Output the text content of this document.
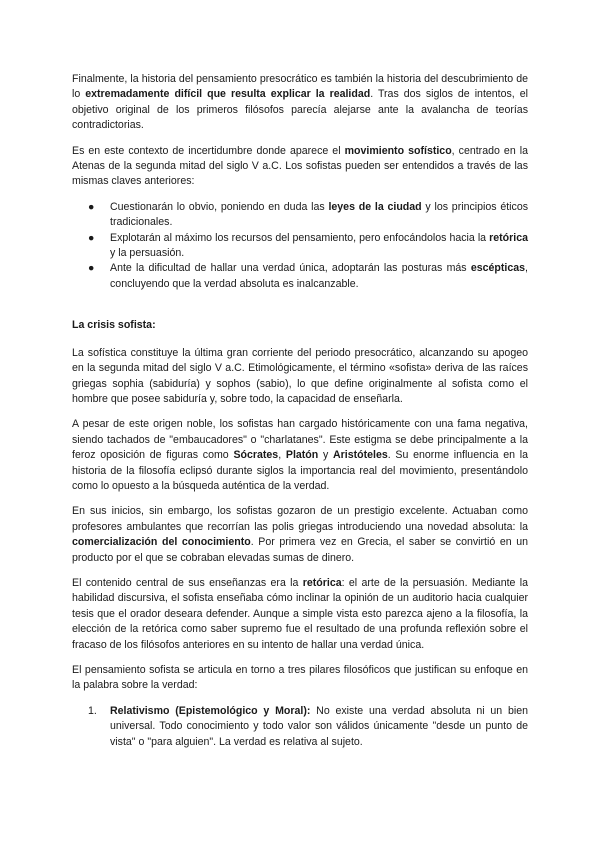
Finalmente, la historia del pensamiento presocrático es también la historia del descubrimiento de lo extremadamente difícil que resulta explicar la realidad. Tras dos siglos de intentos, el objetivo original de los primeros filósofos parecía alejarse ante la avalancha de teorías contradictorias.

Es en este contexto de incertidumbre donde aparece el movimiento sofístico, centrado en la Atenas de la segunda mitad del siglo V a.C. Los sofistas pueden ser entendidos a través de las mismas claves anteriores:

● Cuestionarán lo obvio, poniendo en duda las leyes de la ciudad y los principios éticos tradicionales.
● Explotarán al máximo los recursos del pensamiento, pero enfocándolos hacia la retórica y la persuasión.
● Ante la dificultad de hallar una verdad única, adoptarán las posturas más escépticas, concluyendo que la verdad absoluta es inalcanzable.
La crisis sofista:

La sofística constituye la última gran corriente del periodo presocrático, alcanzando su apogeo en la segunda mitad del siglo V a.C. Etimológicamente, el término «sofista» deriva de las raíces griegas sophia (sabiduría) y sophos (sabio), lo que define originalmente al sofista como el hombre que posee sabiduría y, sobre todo, la capacidad de enseñarla.

A pesar de este origen noble, los sofistas han cargado históricamente con una fama negativa, siendo tachados de "embaucadores" o "charlatanes". Este estigma se debe principalmente a la feroz oposición de figuras como Sócrates, Platón y Aristóteles. Su enorme influencia en la historia de la filosofía eclipsó durante siglos la importancia real del movimiento, presentándolo como lo opuesto a la búsqueda auténtica de la verdad.

En sus inicios, sin embargo, los sofistas gozaron de un prestigio excelente. Actuaban como profesores ambulantes que recorrían las polis griegas introduciendo una novedad absoluta: la comercialización del conocimiento. Por primera vez en Grecia, el saber se convirtió en un producto por el que se cobraban elevadas sumas de dinero.

El contenido central de sus enseñanzas era la retórica: el arte de la persuasión. Mediante la habilidad discursiva, el sofista enseñaba cómo inclinar la opinión de un auditorio hacia cualquier tesis que el orador deseara defender. Aunque a simple vista esto parezca ajeno a la filosofía, la elección de la retórica como saber supremo fue el resultado de una profunda reflexión sobre el fracaso de los filósofos anteriores en su intento de hallar una verdad única.

El pensamiento sofista se articula en torno a tres pilares filosóficos que justifican su enfoque en la palabra sobre la verdad:

1. Relativismo (Epistemológico y Moral): No existe una verdad absoluta ni un bien universal. Todo conocimiento y todo valor son válidos únicamente "desde un punto de vista" o "para alguien". La verdad es relativa al sujeto.
